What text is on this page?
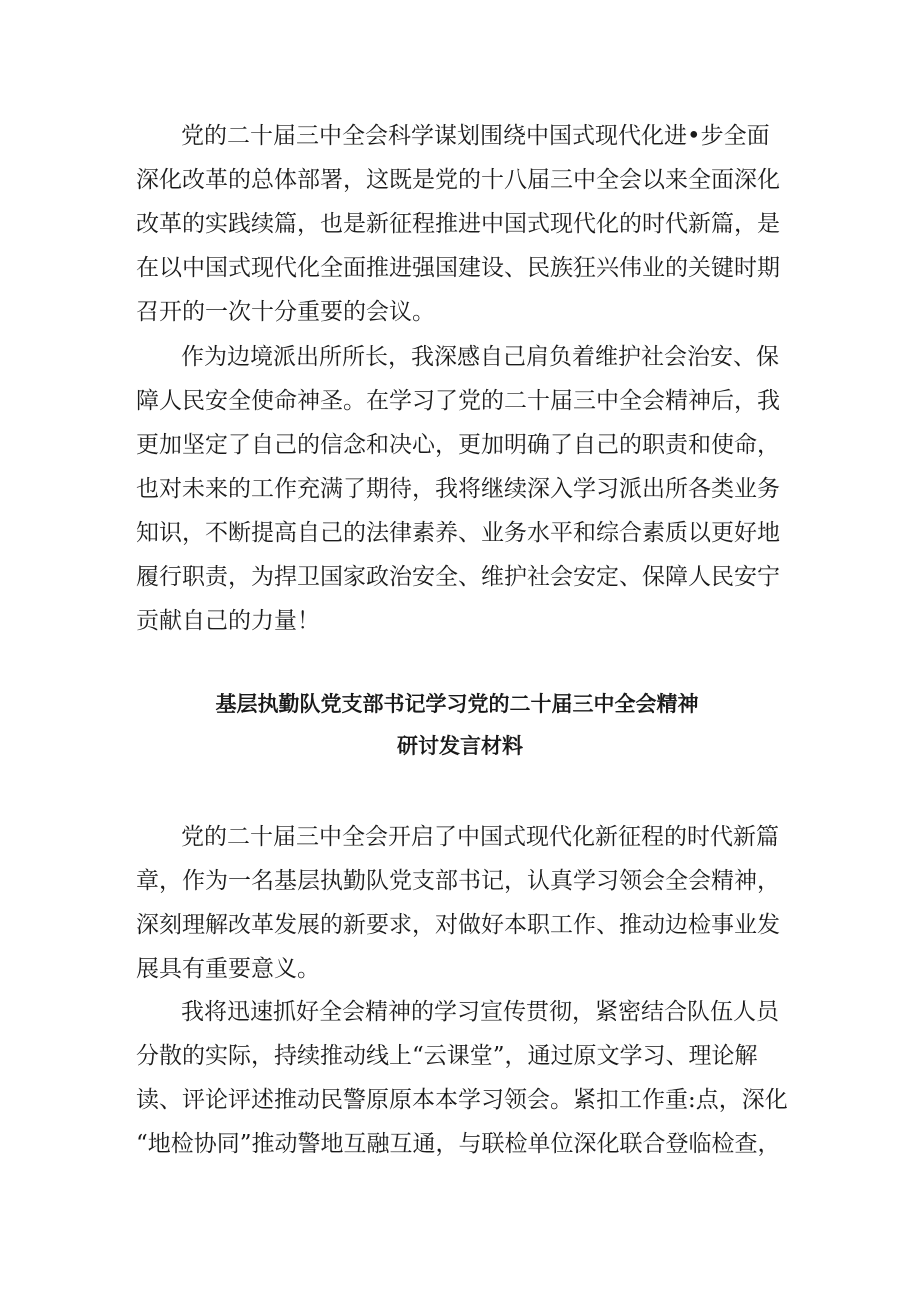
党的二十届三中全会科学谋划围绕中国式现代化进•步全面
深化改革的总体部署，这既是党的十八届三中全会以来全面深化
改革的实践续篇，也是新征程推进中国式现代化的时代新篇，是
在以中国式现代化全面推进强国建设、民族狂兴伟业的关键时期
召开的一次十分重要的会议。
作为边境派出所所长，我深感自己肩负着维护社会治安、保
障人民安全使命神圣。在学习了党的二十届三中全会精神后，我
更加坚定了自己的信念和决心，更加明确了自己的职责和使命，
也对未来的工作充满了期待，我将继续深入学习派出所各类业务
知识，不断提高自己的法律素养、业务水平和综合素质以更好地
履行职责，为捍卫国家政治安全、维护社会安定、保障人民安宁
贡献自己的力量！
基层执勤队党支部书记学习党的二十届三中全会精神
研讨发言材料
党的二十届三中全会开启了中国式现代化新征程的时代新篇
章，作为一名基层执勤队党支部书记，认真学习领会全会精神，
深刻理解改革发展的新要求，对做好本职工作、推动边检事业发
展具有重要意义。
我将迅速抓好全会精神的学习宣传贯彻，紧密结合队伍人员
分散的实际，持续推动线上“云课堂”，通过原文学习、理论解
读、评论评述推动民警原原本本学习领会。紧扣工作重:点，深化
“地检协同”推动警地互融互通，与联检单位深化联合登临检查，
